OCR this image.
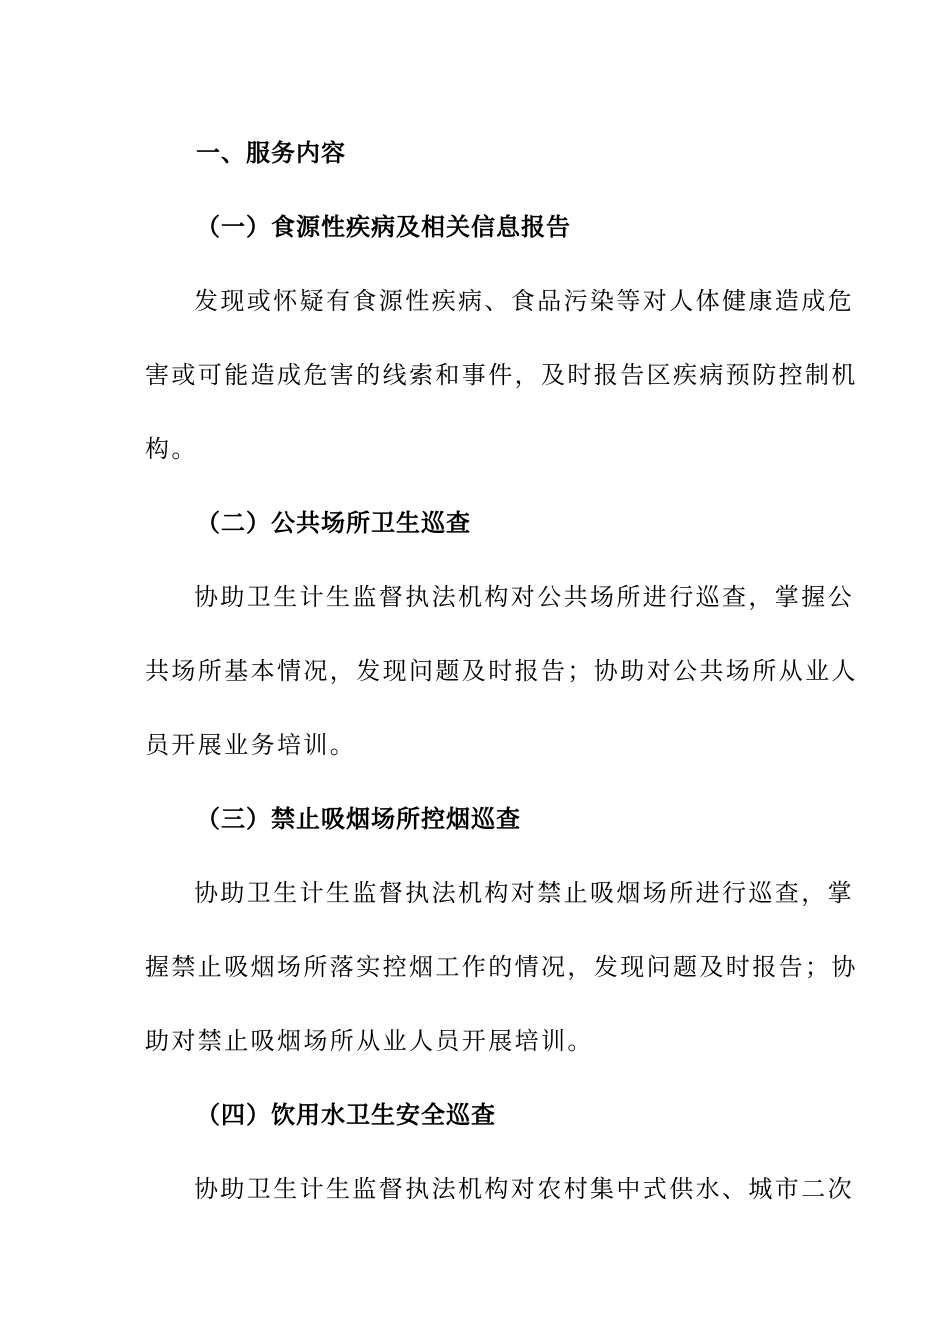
一、服务内容
（一）食源性疾病及相关信息报告
发现或怀疑有食源性疾病、食品污染等对人体健康造成危
害或可能造成危害的线索和事件，及时报告区疾病预防控制机
构。
（二）公共场所卫生巡查
协助卫生计生监督执法机构对公共场所进行巡查，掌握公
共场所基本情况，发现问题及时报告；协助对公共场所从业人
员开展业务培训。
（三）禁止吸烟场所控烟巡查
协助卫生计生监督执法机构对禁止吸烟场所进行巡查，掌
握禁止吸烟场所落实控烟工作的情况，发现问题及时报告；协
助对禁止吸烟场所从业人员开展培训。
（四）饮用水卫生安全巡查
协助卫生计生监督执法机构对农村集中式供水、城市二次
